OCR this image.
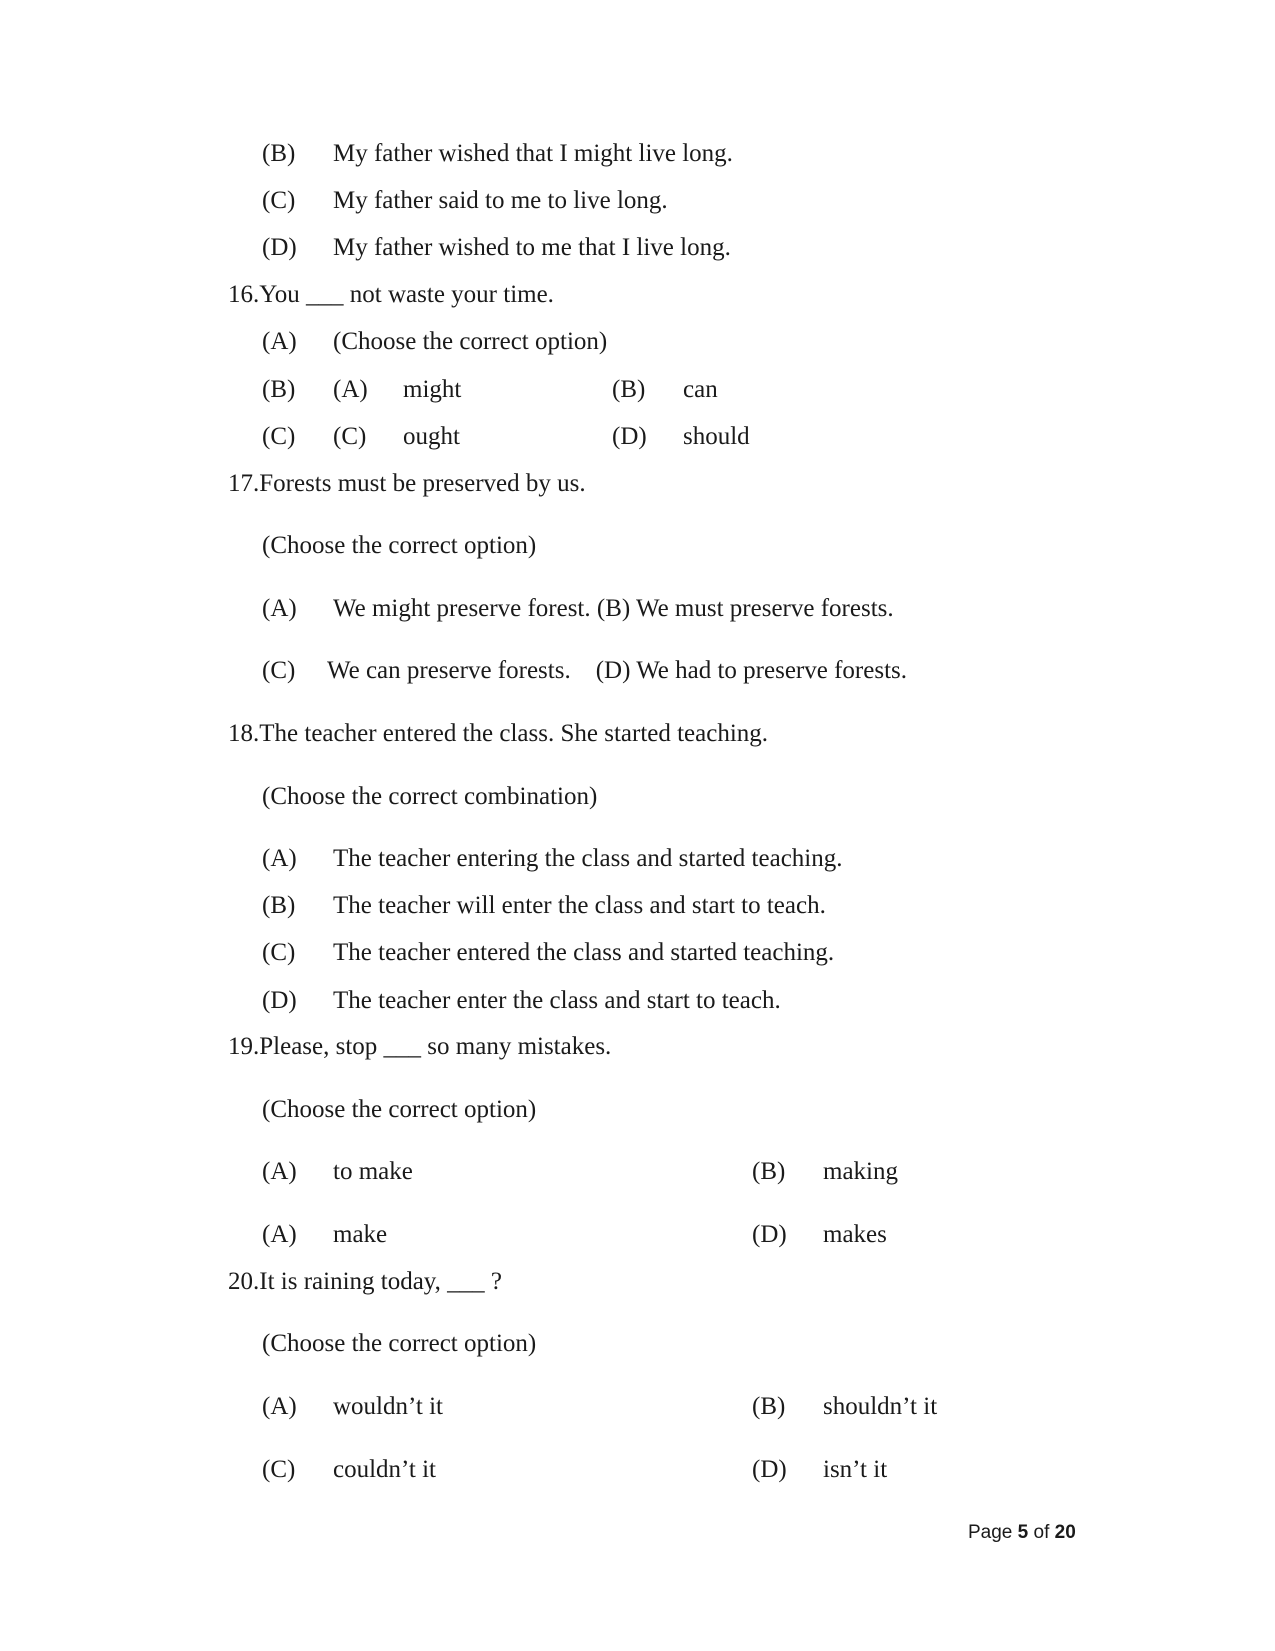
(B) My father wished that I might live long.
(C) My father said to me to live long.
(D) My father wished to me that I live long.
16.You ___ not waste your time.
(A) (Choose the correct option)
(B) (A) might	(B) can
(C) (C) ought	(D) should
17.Forests must be preserved by us.
(Choose the correct option)
(A) We might preserve forest. (B) We must preserve forests.
(C) We can preserve forests.    (D) We had to preserve forests.
18.The teacher entered the class. She started teaching.
(Choose the correct combination)
(A) The teacher entering the class and started teaching.
(B) The teacher will enter the class and start to teach.
(C) The teacher entered the class and started teaching.
(D) The teacher enter the class and start to teach.
19.Please, stop ___ so many mistakes.
(Choose the correct option)
(A) to make	(B) making
(A) make	(D) makes
20.It is raining today, ___ ?
(Choose the correct option)
(A) wouldn’t it	(B) shouldn’t it
(C) couldn’t it	(D) isn’t it
Page 5 of 20
